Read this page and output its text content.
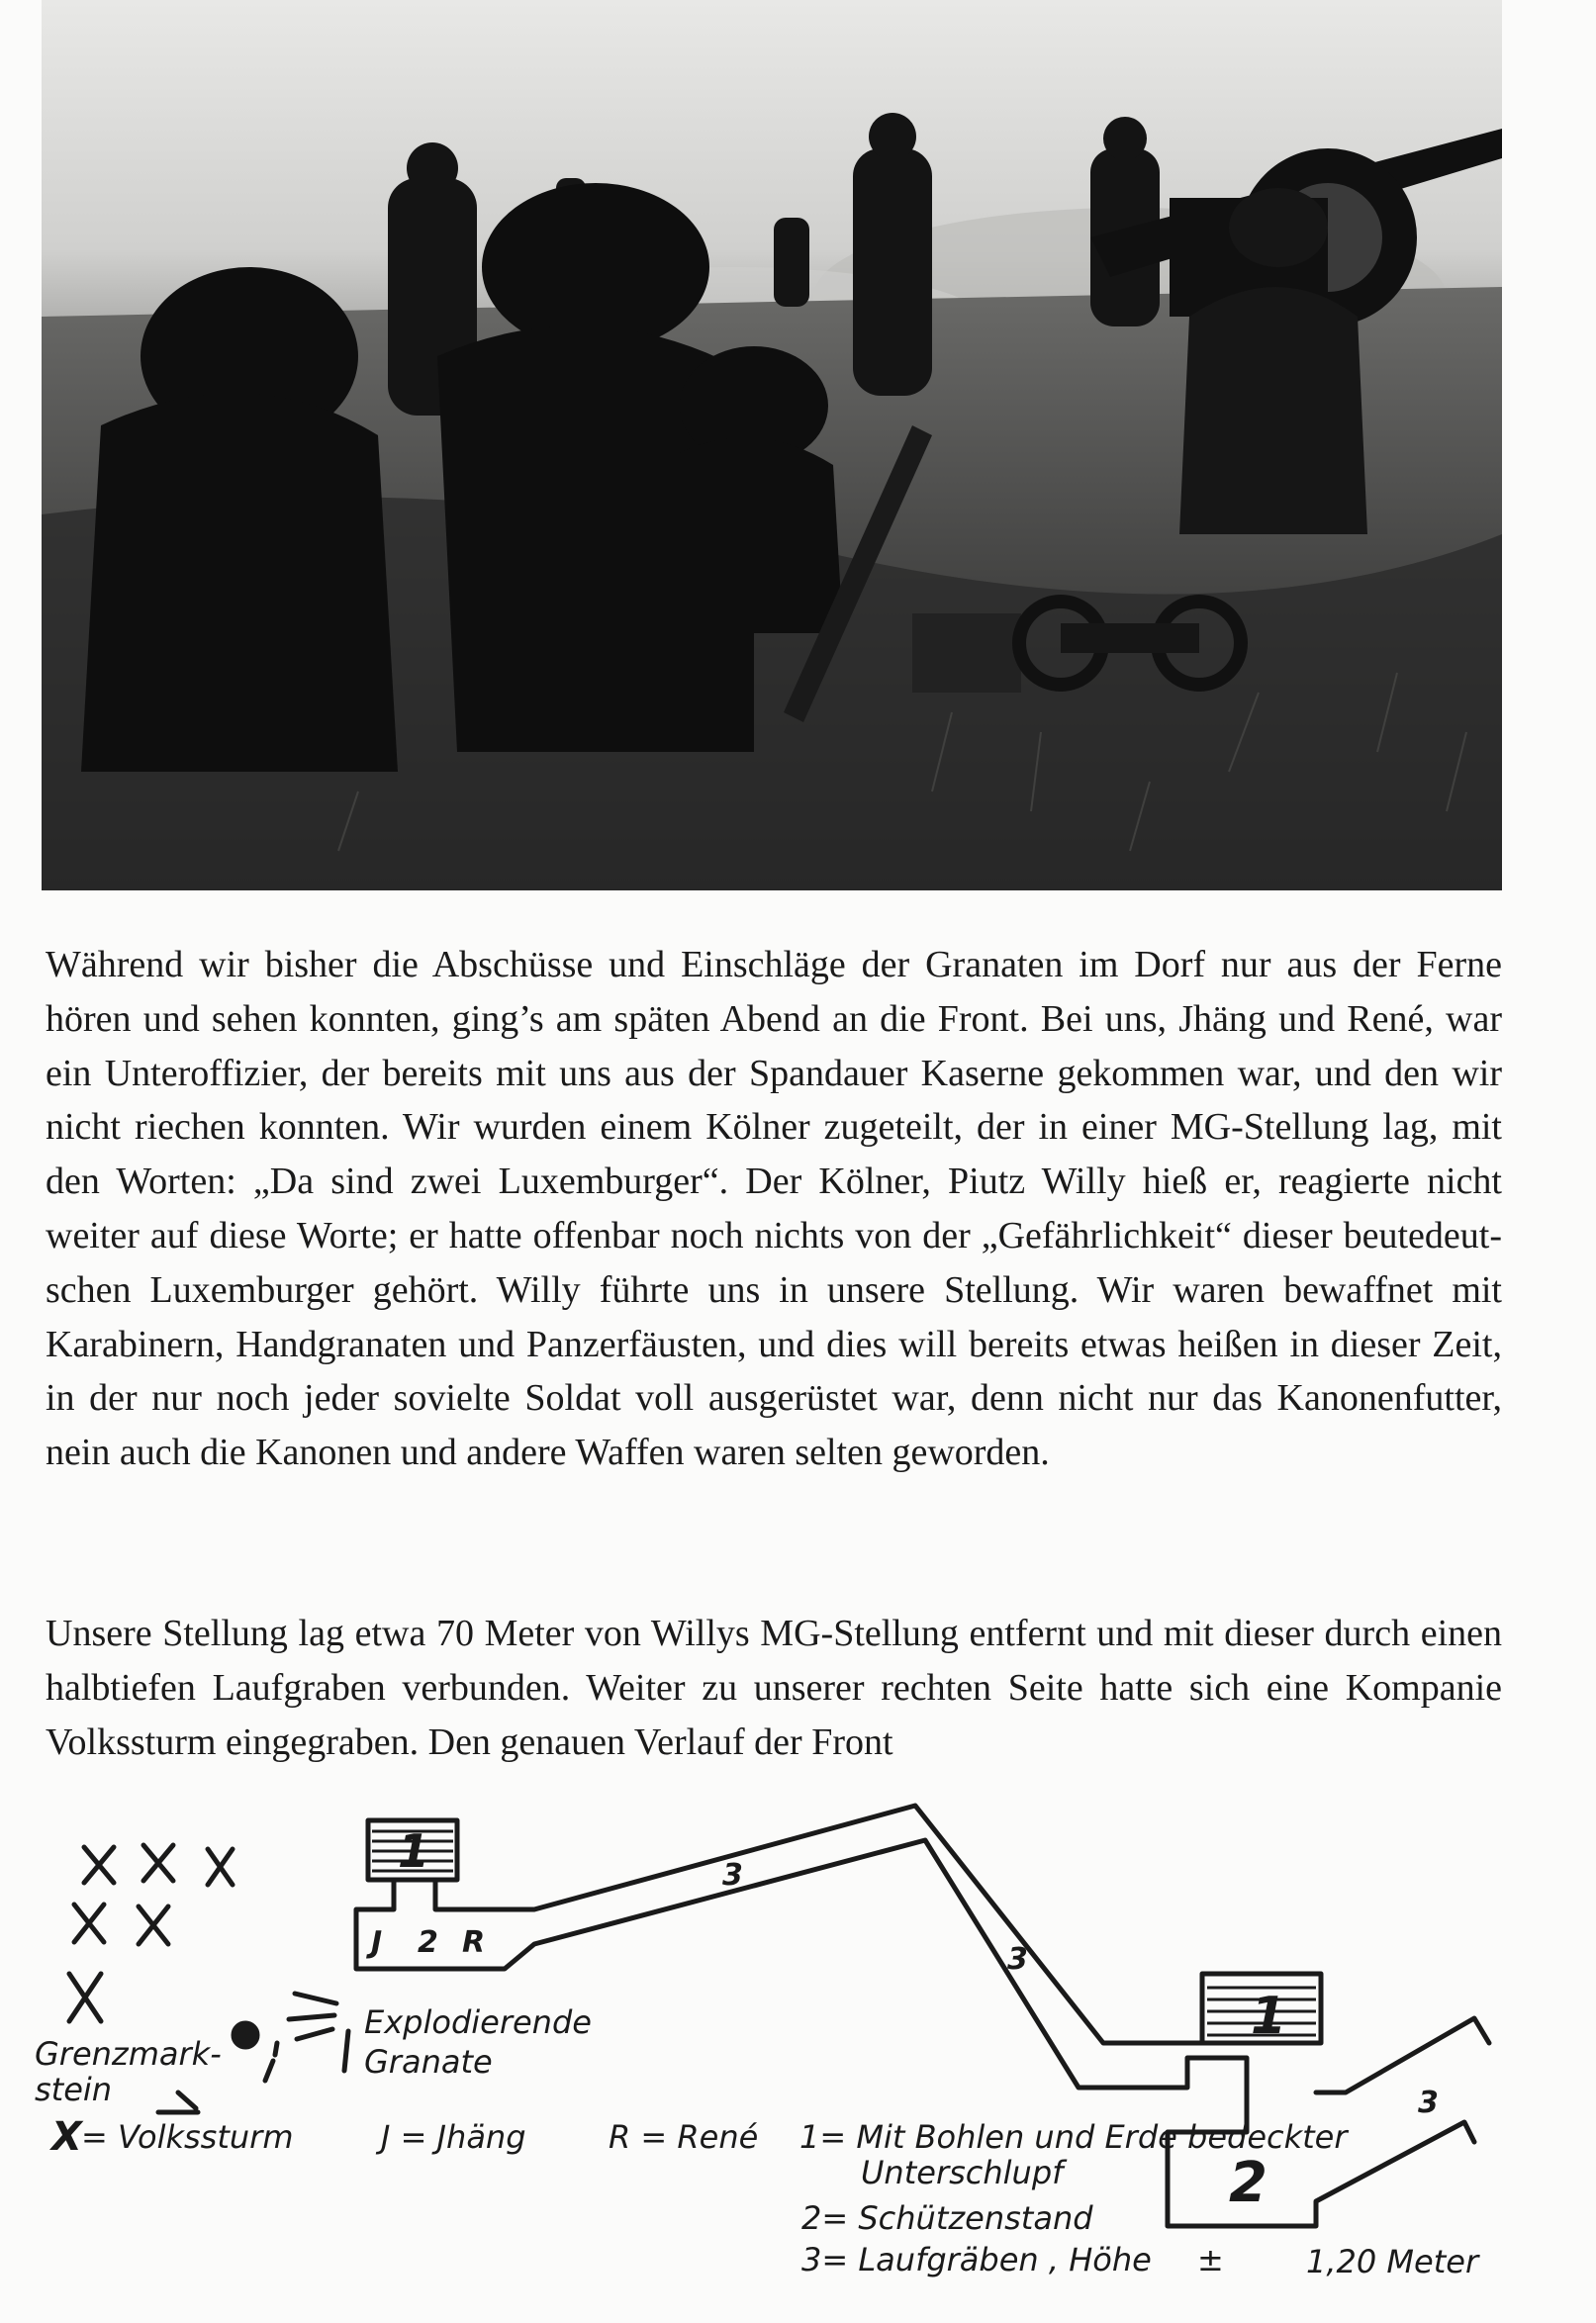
Während wir bisher die Abschüsse und Einschläge der Granaten im Dorf nur aus der Ferne hören und sehen konnten, ging’s am späten Abend an die Front. Bei uns, Jhäng und René, war ein Unteroffizier, der bereits mit uns aus der Spandauer Kaserne gekommen war, und den wir nicht riechen konnten. Wir wurden einem Kölner zugeteilt, der in einer MG-Stellung lag, mit den Worten: „Da sind zwei Luxemburger“. Der Kölner, Piutz Willy hieß er, reagierte nicht weiter auf diese Worte; er hatte offenbar noch nichts von der „Gefährlichkeit“ dieser beutedeutschen Luxemburger gehört. Willy führte uns in unsere Stellung. Wir waren bewaffnet mit Karabinern, Handgranaten und Panzerfäusten, und dies will bereits etwas heißen in dieser Zeit, in der nur noch jeder sovielte Soldat voll ausgerüstet war, denn nicht nur das Kanonenfutter, nein auch die Kanonen und andere Waffen waren selten geworden.

Unsere Stellung lag etwa 70 Meter von Willys MG-Stellung entfernt und mit dieser durch einen halbtiefen Laufgraben verbunden. Weiter zu unserer rechten Seite hatte sich eine Kompanie Volkssturm eingegraben. Den genauen Verlauf der Front

1
1
3
3
3
J 2 R
2
Explodierende
Granate
Grenzmark-
stein
X = Volkssturm	J = Jhäng	R = René 1= Mit Bohlen und Erde bedeckter
Unterschlupf
2= Schützenstand
3= Laufgräben , Höhe ±	1,20 Meter
